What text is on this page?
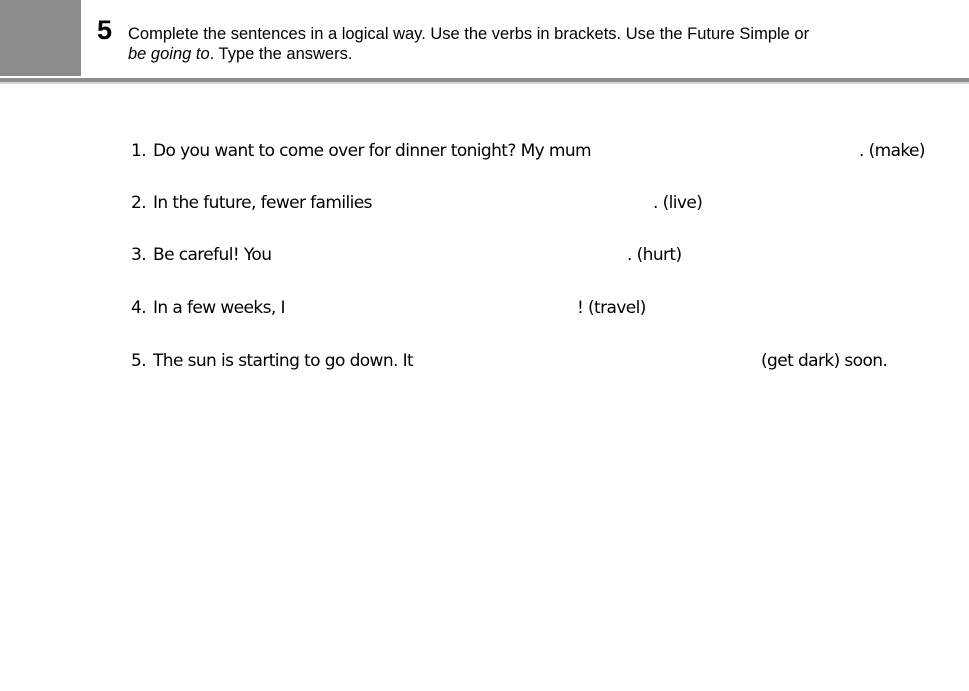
5 Complete the sentences in a logical way. Use the verbs in brackets. Use the Future Simple or
be going to. Type the answers.
1. Do you want to come over for dinner tonight? My mum	. (make)
2. In the future, fewer families	. (live)
3. Be careful! You	. (hurt)
4. In a few weeks, I	! (travel)
5. The sun is starting to go down. It	(get dark) soon.
